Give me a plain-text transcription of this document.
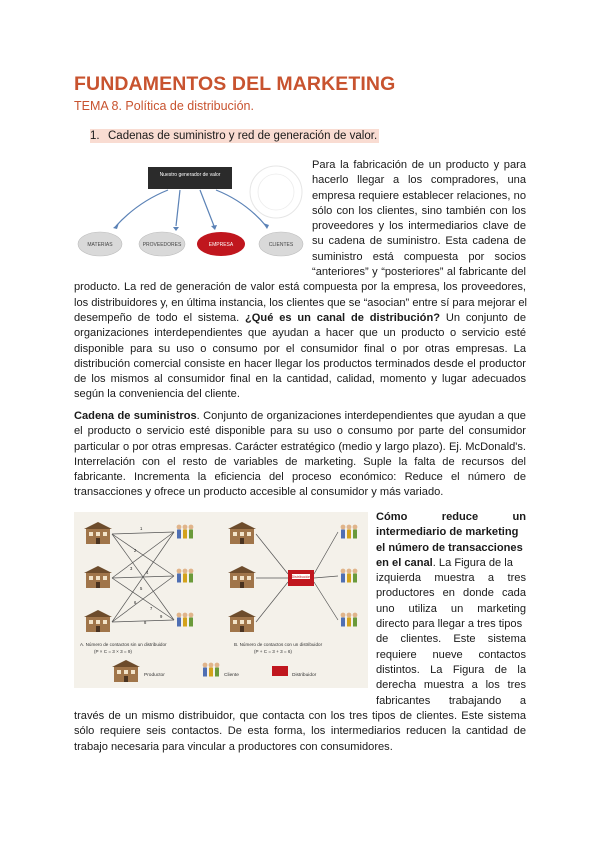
FUNDAMENTOS DEL MARKETING
TEMA 8. Política de distribución.
1. Cadenas de suministro y red de generación de valor.
Nuestro generador de valor
MATERIAS	PROVEEDORES	EMPRESA	CLIENTES
Para la fabricación de un producto y para
hacerlo llegar a los compradores, una
empresa requiere establecer relaciones, no
sólo con los clientes, sino también con los
proveedores y los intermediarios clave de
su cadena de suministro. Esta cadena de
suministro está compuesta por socios
“anteriores” y “posteriores” al fabricante del
producto. La red de generación de valor está compuesta por la empresa, los proveedores,
los distribuidores y, en última instancia, los clientes que se “asocian” entre sí para mejorar el
desempeño de todo el sistema. ¿Qué es un canal de distribución? Un conjunto de
organizaciones interdependientes que ayudan a hacer que un producto o servicio esté
disponible para su uso o consumo por el consumidor final o por otras empresas. La
distribución comercial consiste en hacer llegar los productos terminados desde el productor
de los mismos al consumidor final en la cantidad, calidad, momento y lugar adecuados
según la conveniencia del cliente.
Cadena de suministros. Conjunto de organizaciones interdependientes que ayudan a que
el producto o servicio esté disponible para su uso o consumo por parte del consumidor
particular o por otras empresas. Carácter estratégico (medio y largo plazo). Ej. McDonald's.
Interrelación con el resto de variables de marketing. Suple la falta de recursos del
fabricante. Incrementa la eficiencia del proceso económico: Reduce el número de
transacciones y ofrece un producto accesible al consumidor y más variado.
A. Número de contactos sin un distribuidor
(P × C = 3 × 3 = 9)
Distribución
B. Número de contactos con un distribuidor
(P + C = 3 + 3 = 6)
Productor	Cliente	Distribuidor
1
2
3
4
5
6
7
8
9
Cómo reduce un
intermediario de marketing
el número de transacciones
en el canal. La Figura de la
izquierda muestra a tres
productores en donde cada
uno utiliza un marketing
directo para llegar a tres tipos
de clientes. Este sistema
requiere nueve contactos
distintos. La Figura de la
derecha muestra a los tres
fabricantes trabajando a
través de un mismo distribuidor, que contacta con los tres tipos de clientes. Este sistema
sólo requiere seis contactos. De esta forma, los intermediarios reducen la cantidad de
trabajo necesaria para vincular a productores con consumidores.
